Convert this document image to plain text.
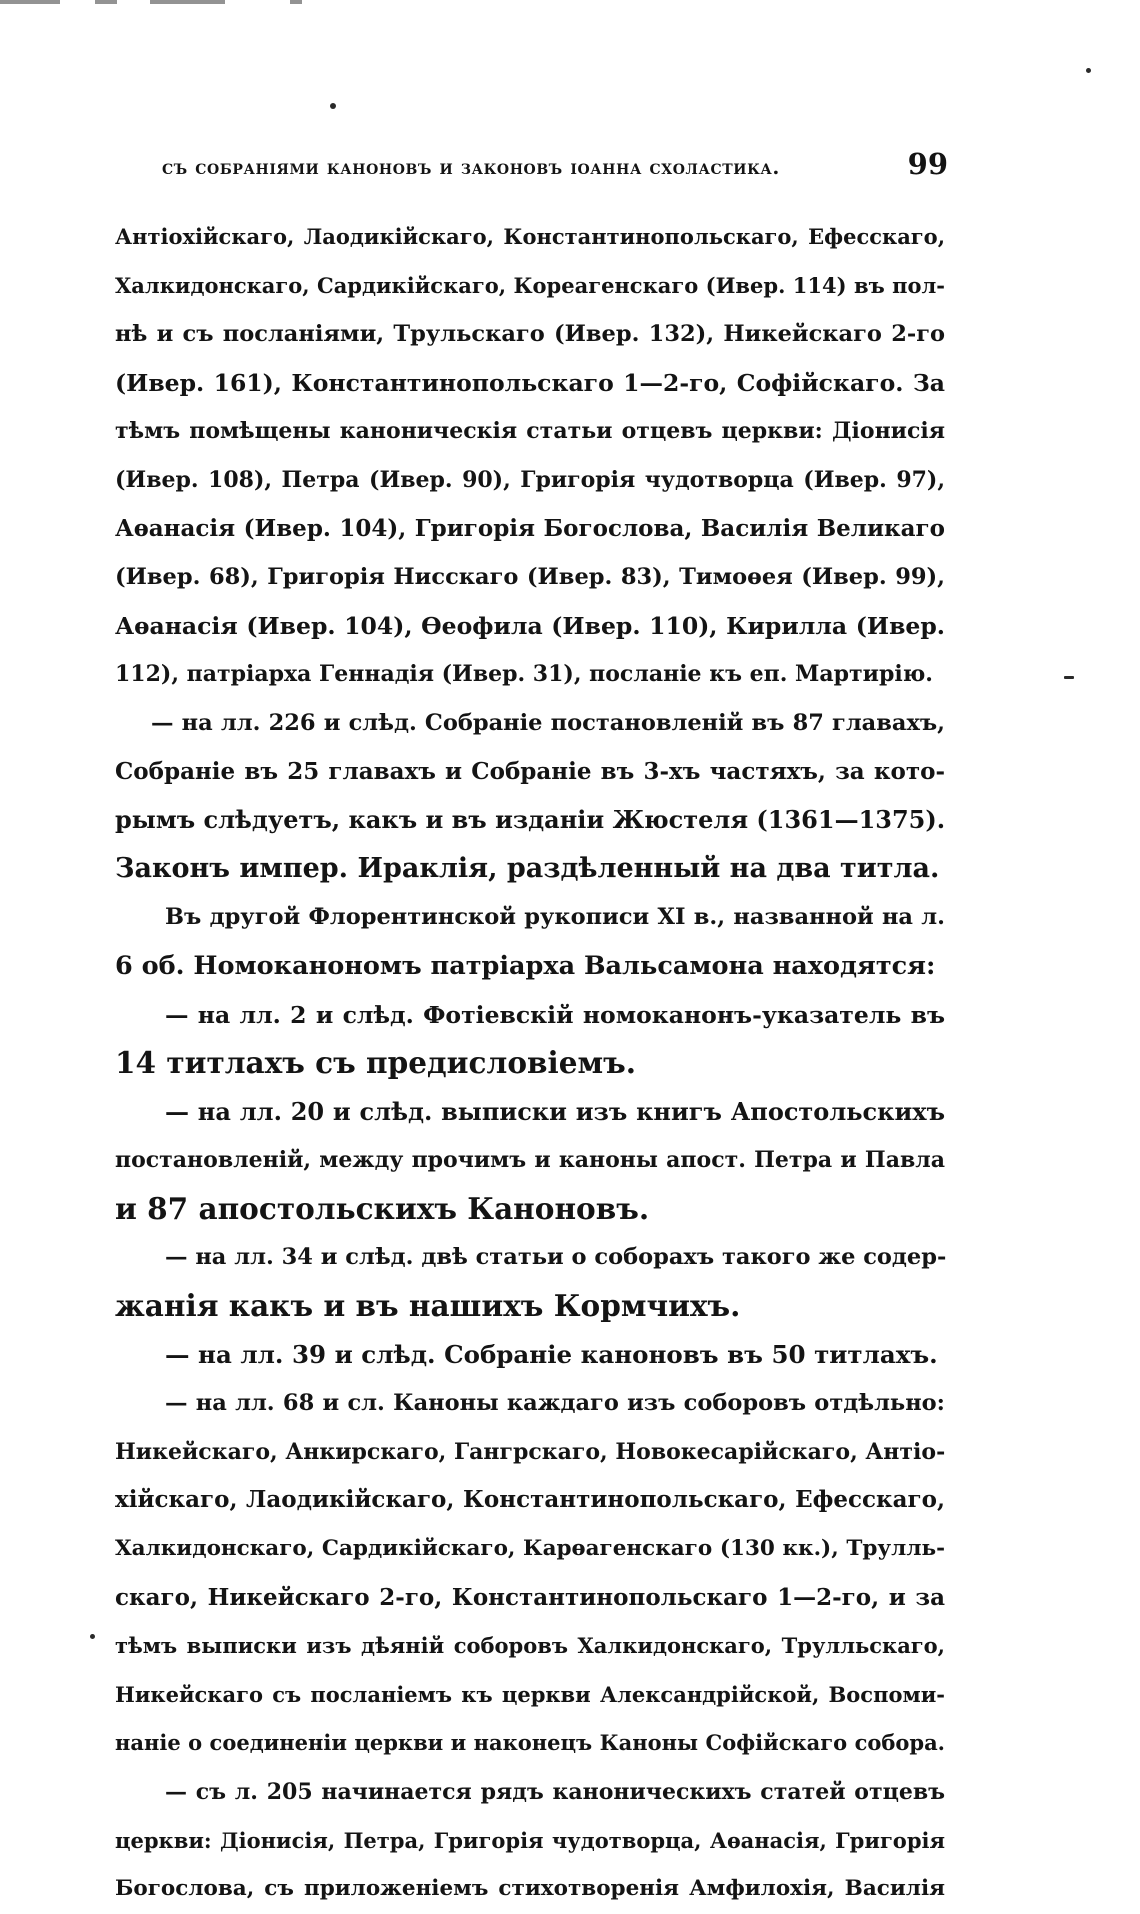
съ собраніями каноновъ и законовъ іоанна схоластика.	99
Антіохійскаго, Лаодикійскаго, Константинопольскаго, Ефесскаго,
Халкидонскаго, Сардикійскаго, Кореагенскаго (Ивер. 114) въ пол-
нѣ и съ посланіями, Трульскаго (Ивер. 132), Никейскаго 2-го
(Ивер. 161), Константинопольскаго 1—2-го, Софійскаго. За
тѣмъ помѣщены каноническія статьи отцевъ церкви: Діонисія
(Ивер. 108), Петра (Ивер. 90), Григорія чудотворца (Ивер. 97),
Аѳанасія (Ивер. 104), Григорія Богослова, Василія Великаго
(Ивер. 68), Григорія Нисскаго (Ивер. 83), Тимоѳея (Ивер. 99),
Аѳанасія (Ивер. 104), Ѳеофила (Ивер. 110), Кирилла (Ивер.
112), патріарха Геннадія (Ивер. 31), посланіе къ еп. Мартирію.
— на лл. 226 и слѣд. Собраніе постановленій въ 87 главахъ,
Собраніе въ 25 главахъ и Собраніе въ 3-хъ частяхъ, за кото-
рымъ слѣдуетъ, какъ и въ изданіи Жюстеля (1361—1375).
Законъ импер. Ираклія, раздѣленный на два титла.
Въ другой Флорентинской рукописи XI в., названной на л.
6 об. Номоканономъ патріарха Вальсамона находятся:
— на лл. 2 и слѣд. Фотіевскій номоканонъ-указатель въ
14 титлахъ съ предисловіемъ.
— на лл. 20 и слѣд. выписки изъ книгъ Апостольскихъ
постановленій, между прочимъ и каноны апост. Петра и Павла
и 87 апостольскихъ Каноновъ.
— на лл. 34 и слѣд. двѣ статьи о соборахъ такого же содер-
жанія какъ и въ нашихъ Кормчихъ.
— на лл. 39 и слѣд. Собраніе каноновъ въ 50 титлахъ.
— на лл. 68 и сл. Каноны каждаго изъ соборовъ отдѣльно:
Никейскаго, Анкирскаго, Гангрскаго, Новокесарійскаго, Антіо-
хійскаго, Лаодикійскаго, Константинопольскаго, Ефесскаго,
Халкидонскаго, Сардикійскаго, Карѳагенскаго (130 кк.), Трулль-
скаго, Никейскаго 2-го, Константинопольскаго 1—2-го, и за
тѣмъ выписки изъ дѣяній соборовъ Халкидонскаго, Трулльскаго,
Никейскаго съ посланіемъ къ церкви Александрійской, Воспоми-
наніе о соединеніи церкви и наконецъ Каноны Софійскаго собора.
— съ л. 205 начинается рядъ каноническихъ статей отцевъ
церкви: Діонисія, Петра, Григорія чудотворца, Аѳанасія, Григорія
Богослова, съ приложеніемъ стихотворенія Амфилохія, Василія
